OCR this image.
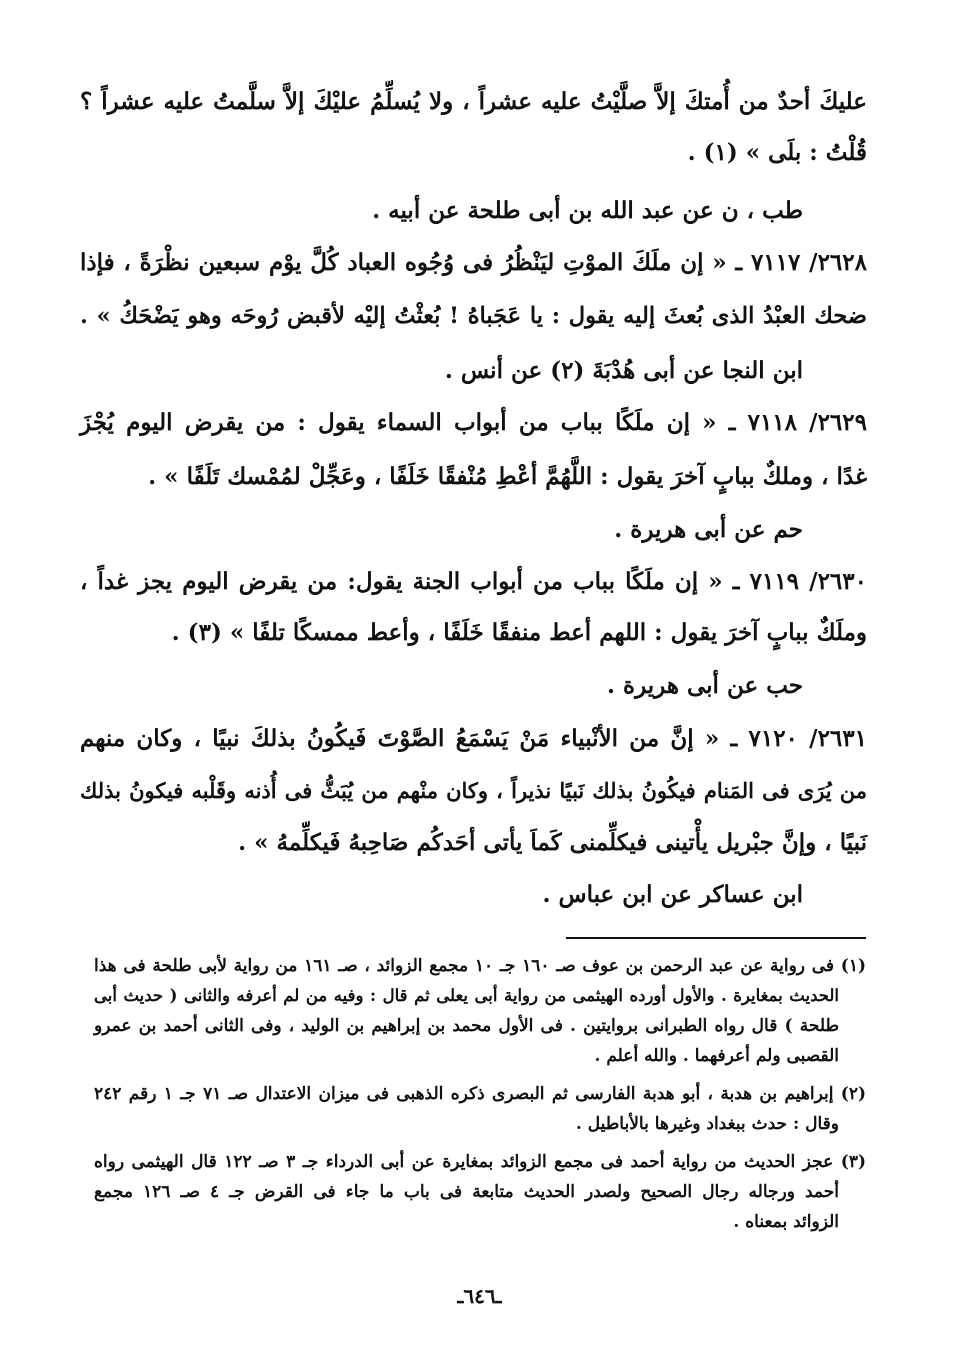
عليكَ أحدٌ من أُمتكَ إلاَّ صلَّيْتُ عليه عشراً ، ولا يُسلِّمُ عليْكَ إلاَّ سلَّمتُ عليه عشراً ؟
قُلْتُ : بلَى » (١) .
طب ، ن عن عبد الله بن أبى طلحة عن أبيه .
٢٦٢٨/ ٧١١٧ ـ « إن ملَكَ الموْتِ ليَنْظُرُ فى وُجُوه العباد كُلَّ يوْم سبعين نظْرَةً ، فإذا
ضحك العبْدُ الذى بُعثَ إليه يقول : يا عَجَباهُ ! بُعثْتُ إليْه لأقبض رُوحَه وهو يَضْحَكُ » .
ابن النجا عن أبى هُدْبَةَ (٢) عن أنس .
٢٦٢٩/ ٧١١٨ ـ « إن ملَكًا بباب من أبواب السماء يقول : من يقرض اليوم يُجْزَ
غدًا ، وملكٌ ببابٍ آخرَ يقول : اللَّهُمَّ أعْطِ مُنْفقًا خَلَفًا ، وعَجِّلْ لمُمْسك تَلَفًا » .
حم عن أبى هريرة .
٢٦٣٠/ ٧١١٩ ـ « إن ملَكًا بباب من أبواب الجنة يقول: من يقرض اليوم يجز غداً ،
وملَكٌ ببابٍ آخرَ يقول : اللهم أعط منفقًا خَلَفًا ، وأعط ممسكًا تلفًا » (٣) .
حب عن أبى هريرة .
٢٦٣١/ ٧١٢٠ ـ « إنَّ من الأنْبياء مَنْ يَسْمَعُ الصَّوْتَ فَيكُونُ بذلكَ نبيًا ، وكان منهم
من يُرَى فى المَنام فيكُونُ بذلك نَبيًا نذيراً ، وكان منْهم من يُبَثُّ فى أُذنه وقَلْبه فيكونُ بذلك
نَبيًا ، وإنَّ جبْريل يأْتينى فيكلِّمنى كَماَ يأتى أحَدكُم صَاحِبهُ فَيكلِّمهُ » .
ابن عساكر عن ابن عباس .
(١) فى رواية عن عبد الرحمن بن عوف صـ ١٦٠ جـ ١٠ مجمع الزوائد ، صـ ١٦١ من رواية لأبى طلحة فى هذا
الحديث بمغايرة . والأول أورده الهيثمى من رواية أبى يعلى ثم قال : وفيه من لم أعرفه والثانى ( حديث أبى
طلحة ) قال رواه الطبرانى بروايتين . فى الأول محمد بن إبراهيم بن الوليد ، وفى الثانى أحمد بن عمرو
القصبى ولم أعرفهما . والله أعلم .
(٢) إبراهيم بن هدبة ، أبو هدبة الفارسى ثم البصرى ذكره الذهبى فى ميزان الاعتدال صـ ٧١ جـ ١ رقم ٢٤٢
وقال : حدث ببغداد وغيرها بالأباطيل .
(٣) عجز الحديث من رواية أحمد فى مجمع الزوائد بمغايرة عن أبى الدرداء جـ ٣ صـ ١٢٢ قال الهيثمى رواه
أحمد ورجاله رجال الصحيح ولصدر الحديث متابعة فى باب ما جاء فى القرض جـ ٤ صـ ١٢٦ مجمع
الزوائد بمعناه .
ـ٦٤٦ـ
